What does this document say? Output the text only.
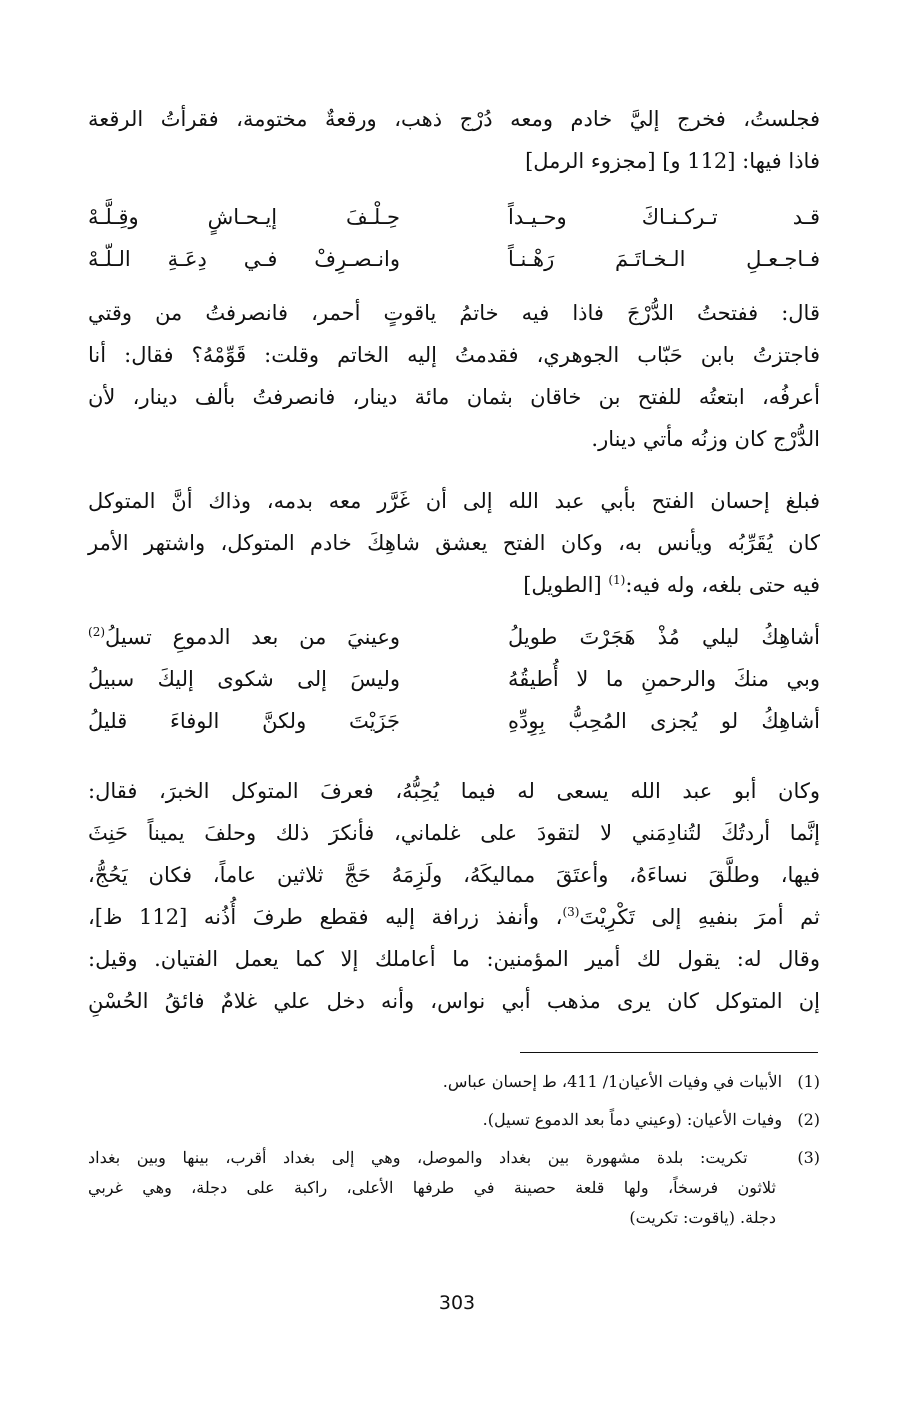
فجلستُ، فخرج إليَّ خادم ومعه دُرْج ذهب، ورقعةٌ مختومة، فقرأتُ الرقعة
فاذا فيها: [112 و] [مجزوء الرمل]
قـد تـركـنـاكَ وحـيـداً
حِـلْـفَ إيـحـاشٍ وقِـلَّـهْ
فـاجـعـلِ الـخـاتَـمَ رَهْـنـاً
وانـصـرِفْ فـي دِعَـةِ الـلّـهْ
قال: ففتحتُ الدُّرْجَ فاذا فيه خاتمُ ياقوتٍ أحمر، فانصرفتُ من وقتي
فاجتزتُ بابن حَبّاب الجوهري، فقدمتُ إليه الخاتم وقلت: قَوِّمْهُ؟ فقال: أنا
أعرفُه، ابتعتُه للفتح بن خاقان بثمان مائة دينار، فانصرفتُ بألف دينار، لأن
الدُّرْج كان وزنُه مأتي دينار.
فبلغ إحسان الفتح بأبي عبد الله إلى أن غَرَّر معه بدمه، وذاك أنَّ المتوكل
كان يُقَرِّبُه ويأنس به، وكان الفتح يعشق شاهِكَ خادم المتوكل، واشتهر الأمر
فيه حتى بلغه، وله فيه:$^{(1)}$ [الطويل]
أشاهِكُ ليلي مُذْ هَجَرْتَ طويلُ
وعينيَ من بعد الدموعِ تسيلُ$^{(2)}$
وبي منكَ والرحمنِ ما لا أُطيقُهُ
وليسَ إلى شكوى إليكَ سبيلُ
أشاهِكُ لو يُجزى المُحِبُّ بِوِدِّهِ
جَزَيْتَ ولكنَّ الوفاءَ قليلُ
وكان أبو عبد الله يسعى له فيما يُحِبُّهُ، فعرفَ المتوكل الخبرَ، فقال:
إنَّما أردتُكَ لتُنادِمَني لا لتقودَ على غلماني، فأنكرَ ذلك وحلفَ يميناً حَنِثَ
فيها، وطلَّقَ نساءَهُ، وأعتَقَ مماليكَهُ، ولَزِمَهُ حَجَّ ثلاثين عاماً، فكان يَحُجُّ،
ثم أمرَ بنفيهِ إلى تَكْرِيْتَ$^{(3)}$، وأنفذ زرافة إليه فقطع طرفَ أُذُنه [112 ظ]،
وقال له: يقول لك أمير المؤمنين: ما أعاملك إلا كما يعمل الفتيان. وقيل:
إن المتوكل كان يرى مذهب أبي نواس، وأنه دخل علي غلامٌ فائقُ الحُسْنِ
(1)   الأبيات في وفيات الأعيان1/ 411، ط إحسان عباس.
(2)   وفيات الأعيان: (وعيني دماً بعد الدموع تسيل).
(3)   تكريت: بلدة مشهورة بين بغداد والموصل، وهي إلى بغداد أقرب، بينها وبين بغداد
ثلاثون فرسخاً، ولها قلعة حصينة في طرفها الأعلى، راكبة على دجلة، وهي غربي
دجلة. (ياقوت: تكريت)
303
